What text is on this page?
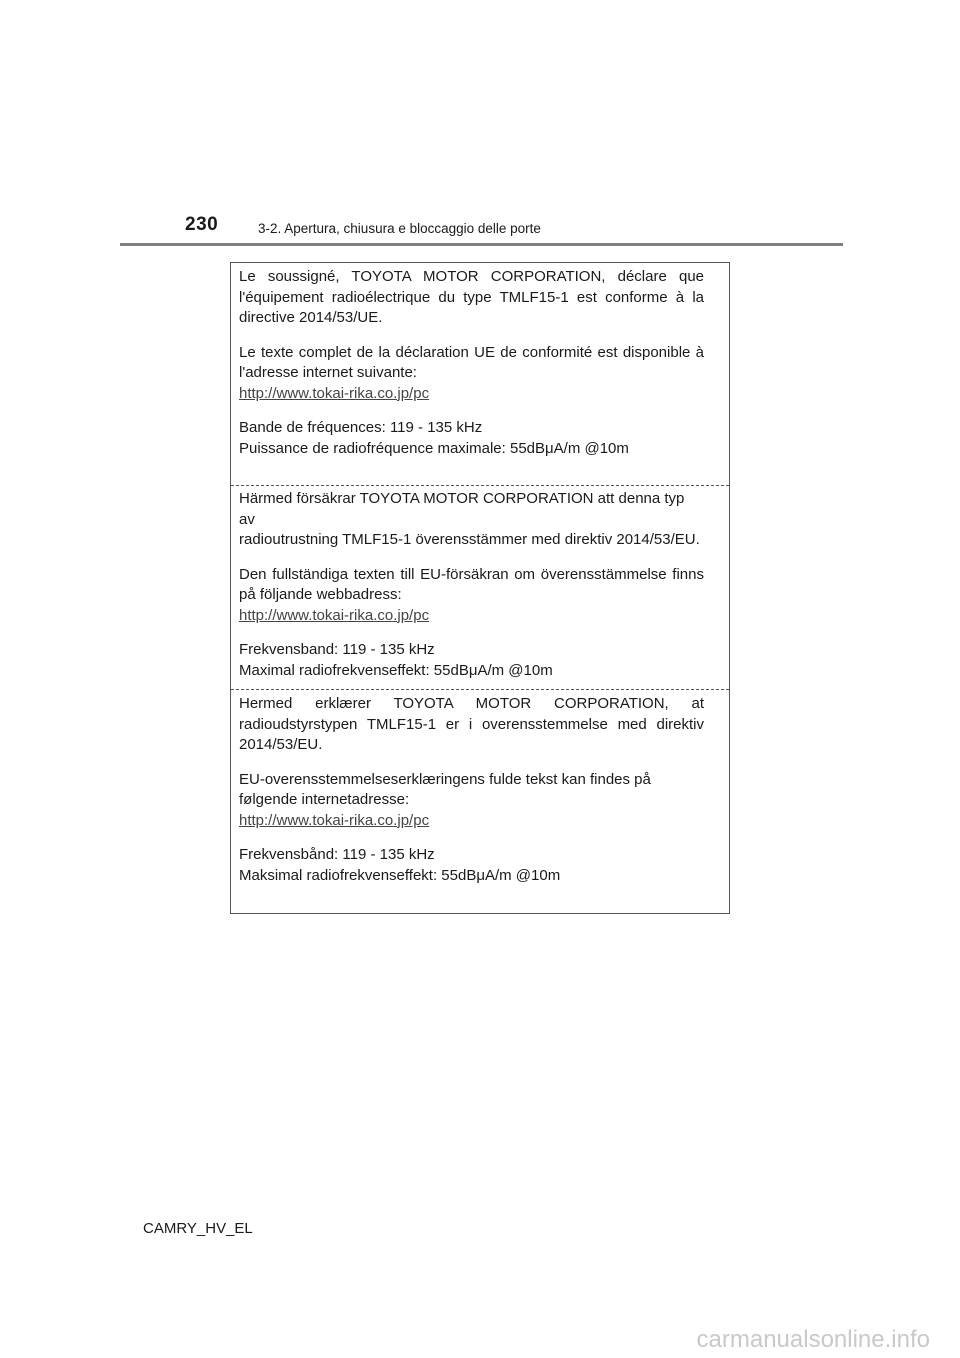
230	3-2. Apertura, chiusura e bloccaggio delle porte

Le soussigné, TOYOTA MOTOR CORPORATION, déclare que

l'équipement radioélectrique du type TMLF15-1 est conforme à la

directive 2014/53/UE.

Le texte complet de la déclaration UE de conformité est disponible à

l'adresse internet suivante:

http://www.tokai-rika.co.jp/pc

Bande de fréquences: 119 - 135 kHz

Puissance de radiofréquence maximale: 55dBμA/m @10m

Härmed försäkrar TOYOTA MOTOR CORPORATION att denna typ av

radioutrustning TMLF15-1 överensstämmer med direktiv 2014/53/EU.

Den fullständiga texten till EU-försäkran om överensstämmelse finns

på följande webbadress:

http://www.tokai-rika.co.jp/pc

Frekvensband: 119 - 135 kHz

Maximal radiofrekvenseffekt: 55dBμA/m @10m

Hermed erklærer TOYOTA MOTOR CORPORATION, at

radioudstyrstypen TMLF15-1 er i overensstemmelse med direktiv

2014/53/EU.

EU-overensstemmelseserklæringens fulde tekst kan findes på

følgende internetadresse:

http://www.tokai-rika.co.jp/pc

Frekvensbånd: 119 - 135 kHz

Maksimal radiofrekvenseffekt: 55dBμA/m @10m

CAMRY_HV_EL
carmanualsonline.info
